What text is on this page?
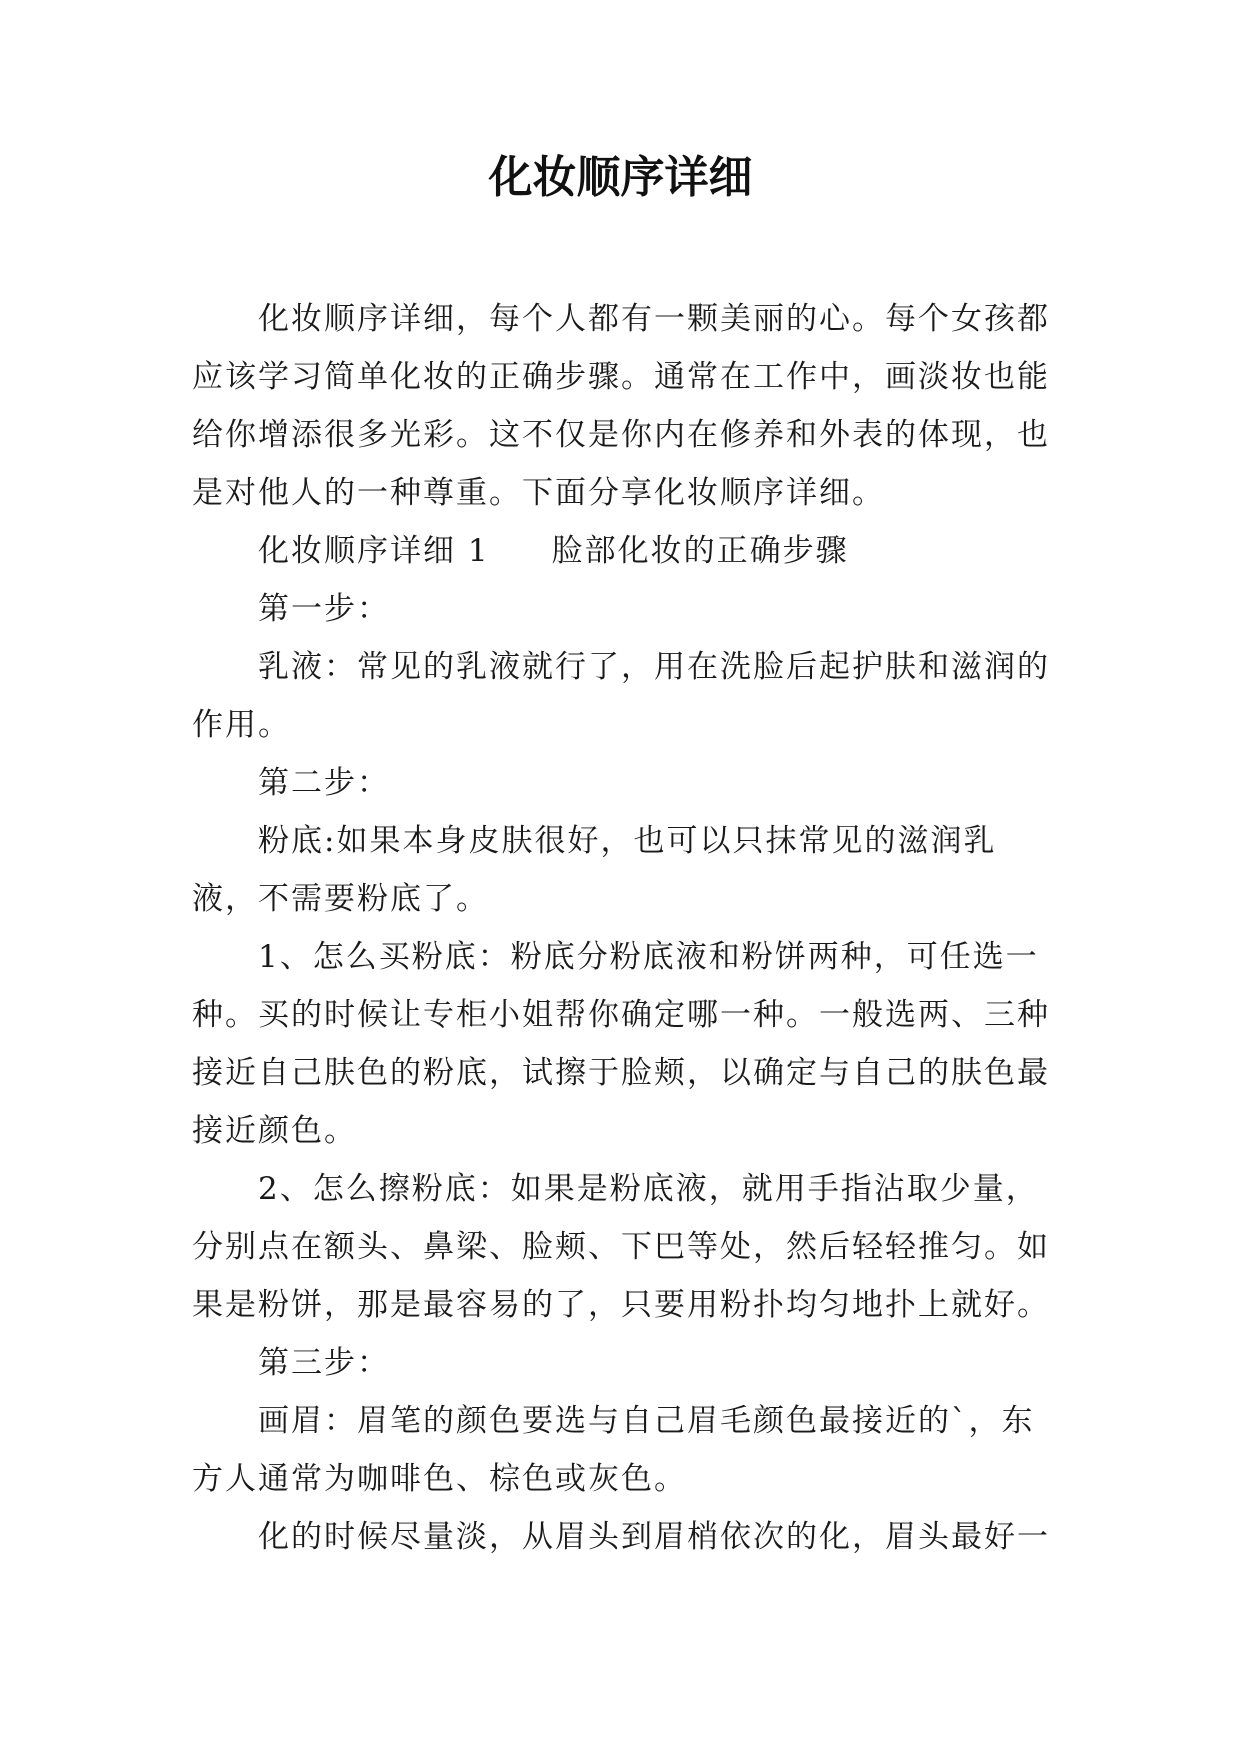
化妆顺序详细

化妆顺序详细，每个人都有一颗美丽的心。每个女孩都应该学习简单化妆的正确步骤。通常在工作中，画淡妆也能给你增添很多光彩。这不仅是你内在修养和外表的体现，也是对他人的一种尊重。下面分享化妆顺序详细。

化妆顺序详细 1 脸部化妆的正确步骤

第一步：

乳液：常见的乳液就行了，用在洗脸后起护肤和滋润的作用。

第二步：

粉底:如果本身皮肤很好，也可以只抹常见的滋润乳液，不需要粉底了。

1、怎么买粉底：粉底分粉底液和粉饼两种，可任选一种。买的时候让专柜小姐帮你确定哪一种。一般选两、三种接近自己肤色的粉底，试擦于脸颊，以确定与自己的肤色最接近颜色。

2、怎么擦粉底：如果是粉底液，就用手指沾取少量，分别点在额头、鼻梁、脸颊、下巴等处，然后轻轻推匀。如果是粉饼，那是最容易的了，只要用粉扑均匀地扑上就好。

第三步：

画眉：眉笔的颜色要选与自己眉毛颜色最接近的`，东方人通常为咖啡色、棕色或灰色。

化的时候尽量淡，从眉头到眉梢依次的化，眉头最好一
